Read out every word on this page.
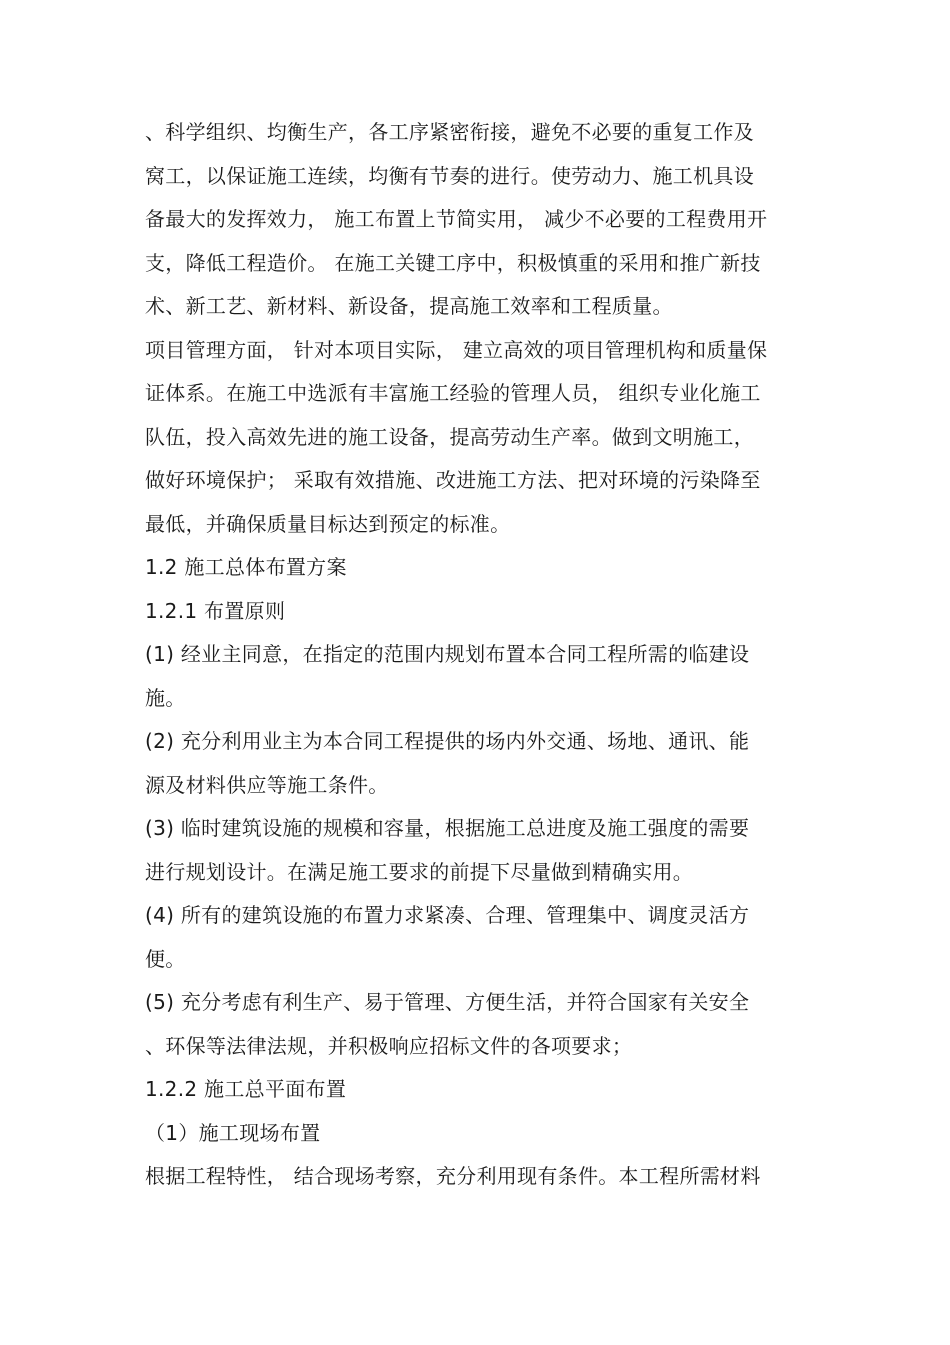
、科学组织、均衡生产，各工序紧密衔接，避免不必要的重复工作及
窝工，以保证施工连续，均衡有节奏的进行。使劳动力、施工机具设
备最大的发挥效力， 施工布置上节简实用， 减少不必要的工程费用开
支，降低工程造价。 在施工关键工序中，积极慎重的采用和推广新技
术、新工艺、新材料、新设备，提高施工效率和工程质量。
项目管理方面， 针对本项目实际， 建立高效的项目管理机构和质量保
证体系。在施工中选派有丰富施工经验的管理人员， 组织专业化施工
队伍，投入高效先进的施工设备，提高劳动生产率。做到文明施工，
做好环境保护； 采取有效措施、改进施工方法、把对环境的污染降至
最低，并确保质量目标达到预定的标准。
1.2 施工总体布置方案
1.2.1 布置原则
(1) 经业主同意，在指定的范围内规划布置本合同工程所需的临建设
施。
(2) 充分利用业主为本合同工程提供的场内外交通、场地、通讯、能
源及材料供应等施工条件。
(3) 临时建筑设施的规模和容量，根据施工总进度及施工强度的需要
进行规划设计。在满足施工要求的前提下尽量做到精确实用。
(4) 所有的建筑设施的布置力求紧凑、合理、管理集中、调度灵活方
便。
(5) 充分考虑有利生产、易于管理、方便生活，并符合国家有关安全
、环保等法律法规，并积极响应招标文件的各项要求；
1.2.2 施工总平面布置
（1）施工现场布置
根据工程特性， 结合现场考察，充分利用现有条件。本工程所需材料
